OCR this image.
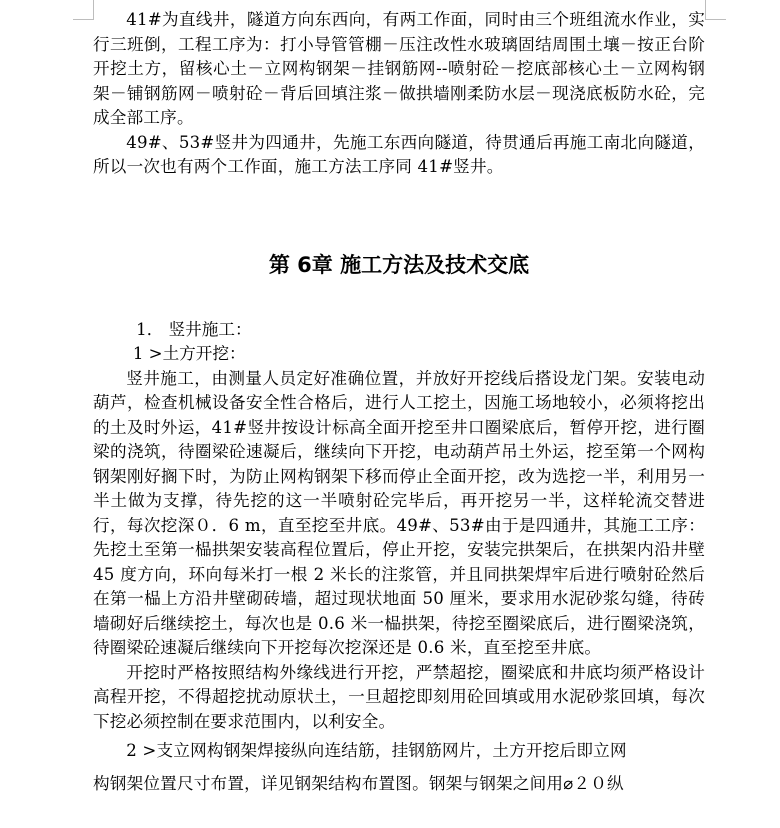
41#为直线井，隧道方向东西向，有两工作面，同时由三个班组流水作业，实行三班倒，工程工序为：打小导管管棚－压注改性水玻璃固结周围土壤－按正台阶开挖土方，留核心土－立网构钢架－挂钢筋网--喷射砼－挖底部核心土－立网构钢架－铺钢筋网－喷射砼－背后回填注浆－做拱墙刚柔防水层－现浇底板防水砼，完成全部工序。

49#、53#竖井为四通井，先施工东西向隧道，待贯通后再施工南北向隧道，所以一次也有两个工作面，施工方法工序同 41#竖井。

第 6章 施工方法及技术交底

1． 竖井施工：

1 >土方开挖：

竖井施工，由测量人员定好准确位置，并放好开挖线后搭设龙门架。安装电动葫芦，检查机械设备安全性合格后，进行人工挖土，因施工场地较小，必须将挖出的土及时外运，41#竖井按设计标高全面开挖至井口圈梁底后，暂停开挖，进行圈梁的浇筑，待圈梁砼速凝后，继续向下开挖，电动葫芦吊土外运，挖至第一个网构钢架刚好搁下时，为防止网构钢架下移而停止全面开挖，改为选挖一半，利用另一半土做为支撑，待先挖的这一半喷射砼完毕后，再开挖另一半，这样轮流交替进行，每次挖深０．6 m，直至挖至井底。49#、53#由于是四通井，其施工工序：先挖土至第一榀拱架安装高程位置后，停止开挖，安装完拱架后，在拱架内沿井壁 45 度方向，环向每米打一根 2 米长的注浆管，并且同拱架焊牢后进行喷射砼然后在第一榀上方沿井壁砌砖墙，超过现状地面 50 厘米，要求用水泥砂浆勾缝，待砖墙砌好后继续挖土，每次也是 0.6 米一榀拱架，待挖至圈梁底后，进行圈梁浇筑，待圈梁砼速凝后继续向下开挖每次挖深还是 0.6 米，直至挖至井底。

开挖时严格按照结构外缘线进行开挖，严禁超挖，圈梁底和井底均须严格设计高程开挖，不得超挖扰动原状土，一旦超挖即刻用砼回填或用水泥砂浆回填，每次下挖必须控制在要求范围内，以利安全。

2 >支立网构钢架焊接纵向连结筋，挂钢筋网片，土方开挖后即立网

构钢架位置尺寸布置，详见钢架结构布置图。钢架与钢架之间用⌀２０纵
